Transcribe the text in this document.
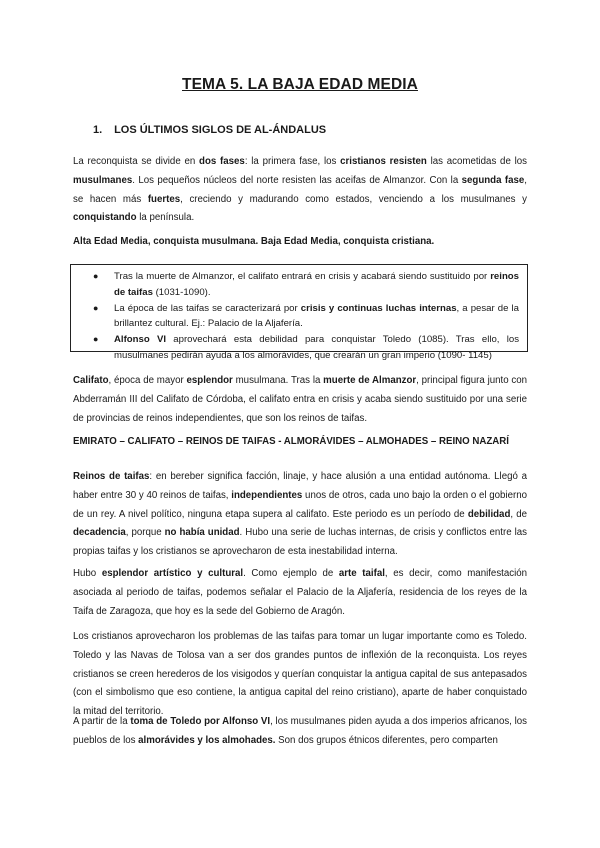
TEMA 5. LA BAJA EDAD MEDIA
1. LOS ÚLTIMOS SIGLOS DE AL-ÁNDALUS

La reconquista se divide en dos fases: la primera fase, los cristianos resisten las acometidas de los musulmanes. Los pequeños núcleos del norte resisten las aceifas de Almanzor. Con la segunda fase, se hacen más fuertes, creciendo y madurando como estados, venciendo a los musulmanes y conquistando la península.

Alta Edad Media, conquista musulmana. Baja Edad Media, conquista cristiana.

● Tras la muerte de Almanzor, el califato entrará en crisis y acabará siendo sustituido por reinos de taifas (1031-1090).
● La época de las taifas se caracterizará por crisis y continuas luchas internas, a pesar de la brillantez cultural. Ej.: Palacio de la Aljafería.
● Alfonso VI aprovechará esta debilidad para conquistar Toledo (1085). Tras ello, los musulmanes pedirán ayuda a los almorávides, que crearán un gran imperio (1090- 1145)

Califato, época de mayor esplendor musulmana. Tras la muerte de Almanzor, principal figura junto con Abderramán III del Califato de Córdoba, el califato entra en crisis y acaba siendo sustituido por una serie de provincias de reinos independientes, que son los reinos de taifas.

EMIRATO – CALIFATO – REINOS DE TAIFAS - ALMORÁVIDES – ALMOHADES – REINO NAZARÍ

Reinos de taifas: en bereber significa facción, linaje, y hace alusión a una entidad autónoma. Llegó a haber entre 30 y 40 reinos de taifas, independientes unos de otros, cada uno bajo la orden o el gobierno de un rey. A nivel político, ninguna etapa supera al califato. Este periodo es un período de debilidad, de decadencia, porque no había unidad. Hubo una serie de luchas internas, de crisis y conflictos entre las propias taifas y los cristianos se aprovecharon de esta inestabilidad interna.

Hubo esplendor artístico y cultural. Como ejemplo de arte taifal, es decir, como manifestación asociada al periodo de taifas, podemos señalar el Palacio de la Aljafería, residencia de los reyes de la Taifa de Zaragoza, que hoy es la sede del Gobierno de Aragón.

Los cristianos aprovecharon los problemas de las taifas para tomar un lugar importante como es Toledo. Toledo y las Navas de Tolosa van a ser dos grandes puntos de inflexión de la reconquista. Los reyes cristianos se creen herederos de los visigodos y querían conquistar la antigua capital de sus antepasados (con el simbolismo que eso contiene, la antigua capital del reino cristiano), aparte de haber conquistado la mitad del territorio.

A partir de la toma de Toledo por Alfonso VI, los musulmanes piden ayuda a dos imperios africanos, los pueblos de los almorávides y los almohades. Son dos grupos étnicos diferentes, pero comparten
